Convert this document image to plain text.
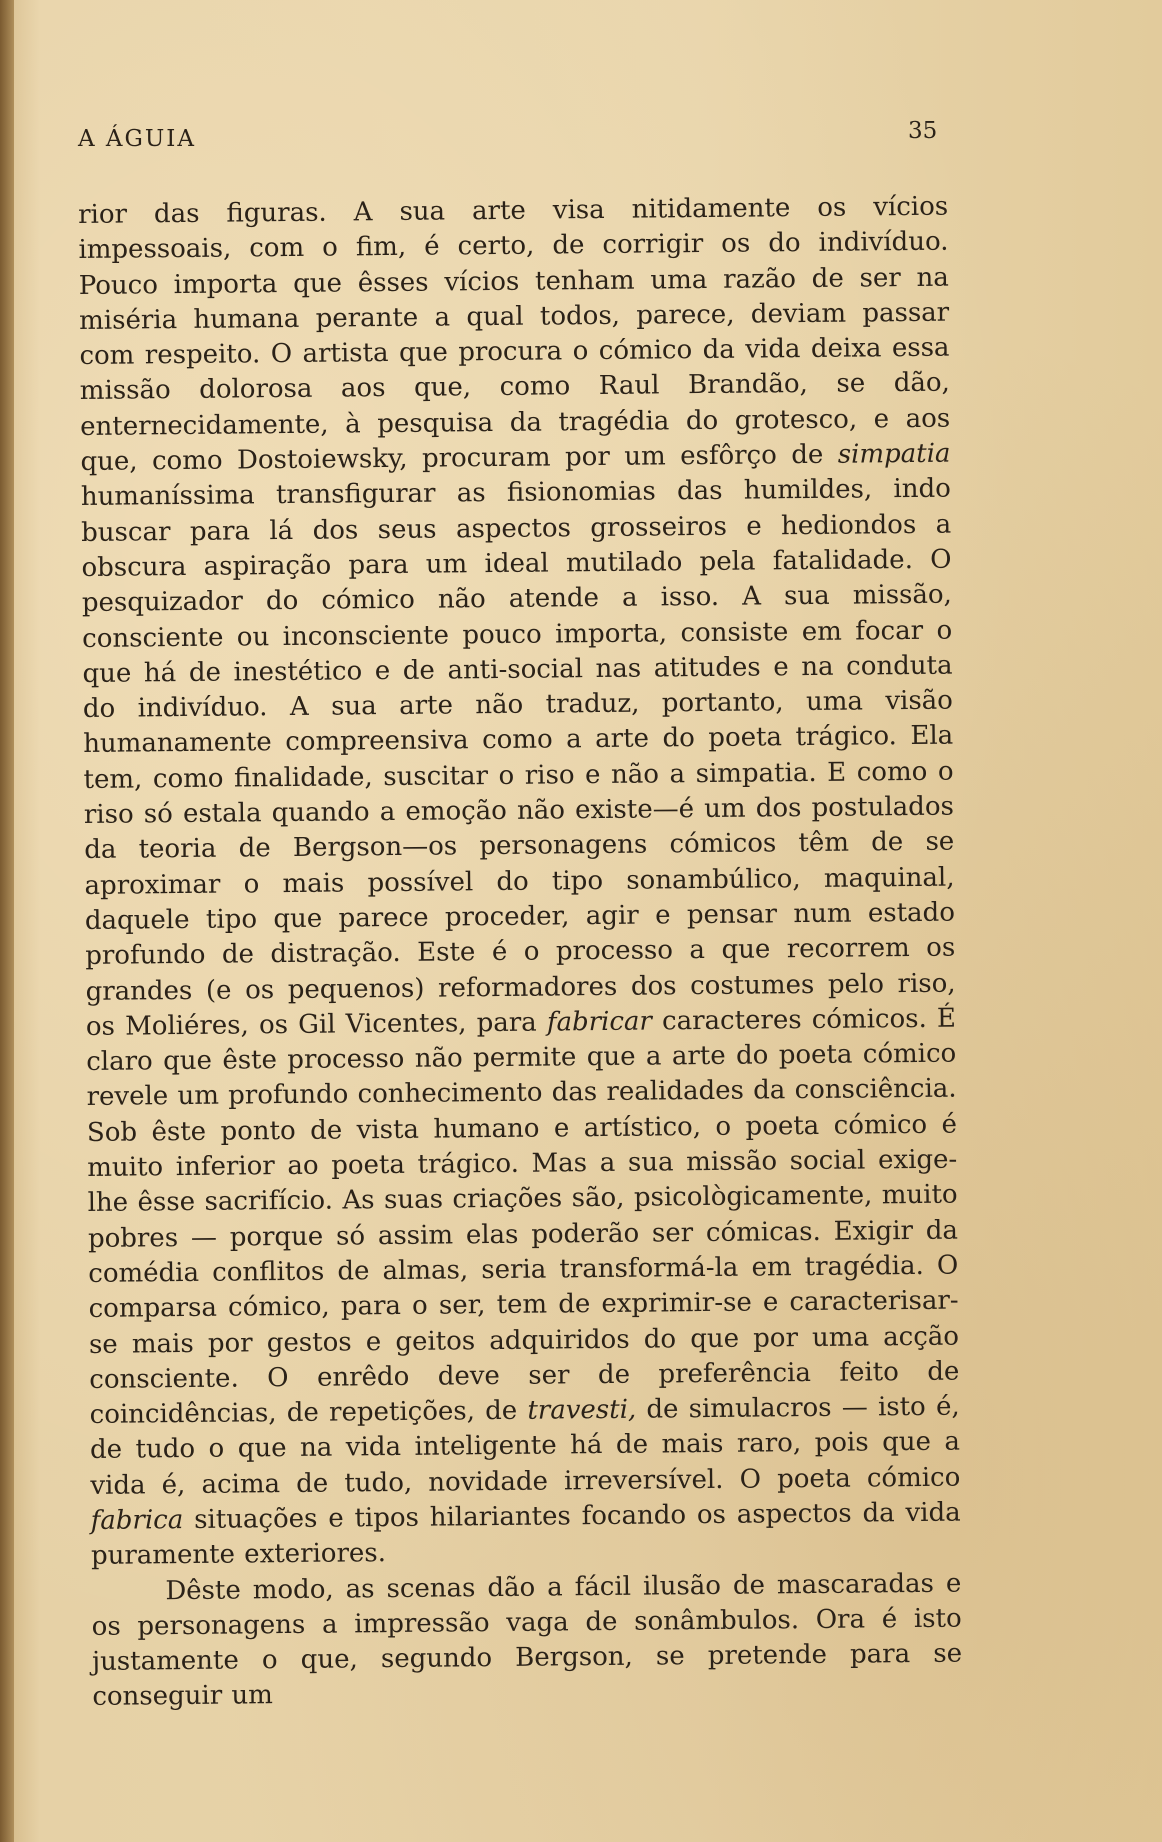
A ÁGUIA	35

rior das figuras. A sua arte visa nitidamente os vícios impessoais, com o fim, é certo, de corrigir os do indivíduo. Pouco importa que êsses vícios tenham uma razão de ser na miséria humana perante a qual todos, parece, deviam passar com respeito. O artista que procura o cómico da vida deixa essa missão dolorosa aos que, como Raul Brandão, se dão, enternecidamente, à pesquisa da tragédia do grotesco, e aos que, como Dostoiewsky, procuram por um esfôrço de simpatia humaníssima transfigurar as fisionomias das humildes, indo buscar para lá dos seus aspectos grosseiros e hediondos a obscura aspiração para um ideal mutilado pela fatalidade. O pesquizador do cómico não atende a isso. A sua missão, consciente ou inconsciente pouco importa, consiste em focar o que há de inestético e de anti-social nas atitudes e na conduta do indivíduo. A sua arte não traduz, portanto, uma visão humanamente compreensiva como a arte do poeta trágico. Ela tem, como finalidade, suscitar o riso e não a simpatia. E como o riso só estala quando a emoção não existe—é um dos postulados da teoria de Bergson—os personagens cómicos têm de se aproximar o mais possível do tipo sonambúlico, maquinal, daquele tipo que parece proceder, agir e pensar num estado profundo de distração. Este é o processo a que recorrem os grandes (e os pequenos) reformadores dos costumes pelo riso, os Moliéres, os Gil Vicentes, para fabricar caracteres cómicos. É claro que êste processo não permite que a arte do poeta cómico revele um profundo conhecimento das realidades da consciência. Sob êste ponto de vista humano e artístico, o poeta cómico é muito inferior ao poeta trágico. Mas a sua missão social exige-lhe êsse sacrifício. As suas criações são, psicològicamente, muito pobres — porque só assim elas poderão ser cómicas. Exigir da comédia conflitos de almas, seria transformá-la em tragédia. O comparsa cómico, para o ser, tem de exprimir-se e caracterisar-se mais por gestos e geitos adquiridos do que por uma acção consciente. O enrêdo deve ser de preferência feito de coincidências, de repetições, de travesti, de simulacros — isto é, de tudo o que na vida inteligente há de mais raro, pois que a vida é, acima de tudo, novidade irreversível. O poeta cómico fabrica situações e tipos hilariantes focando os aspectos da vida puramente exteriores.

Dêste modo, as scenas dão a fácil ilusão de mascaradas e os personagens a impressão vaga de sonâmbulos. Ora é isto justamente o que, segundo Bergson, se pretende para se conseguir um
